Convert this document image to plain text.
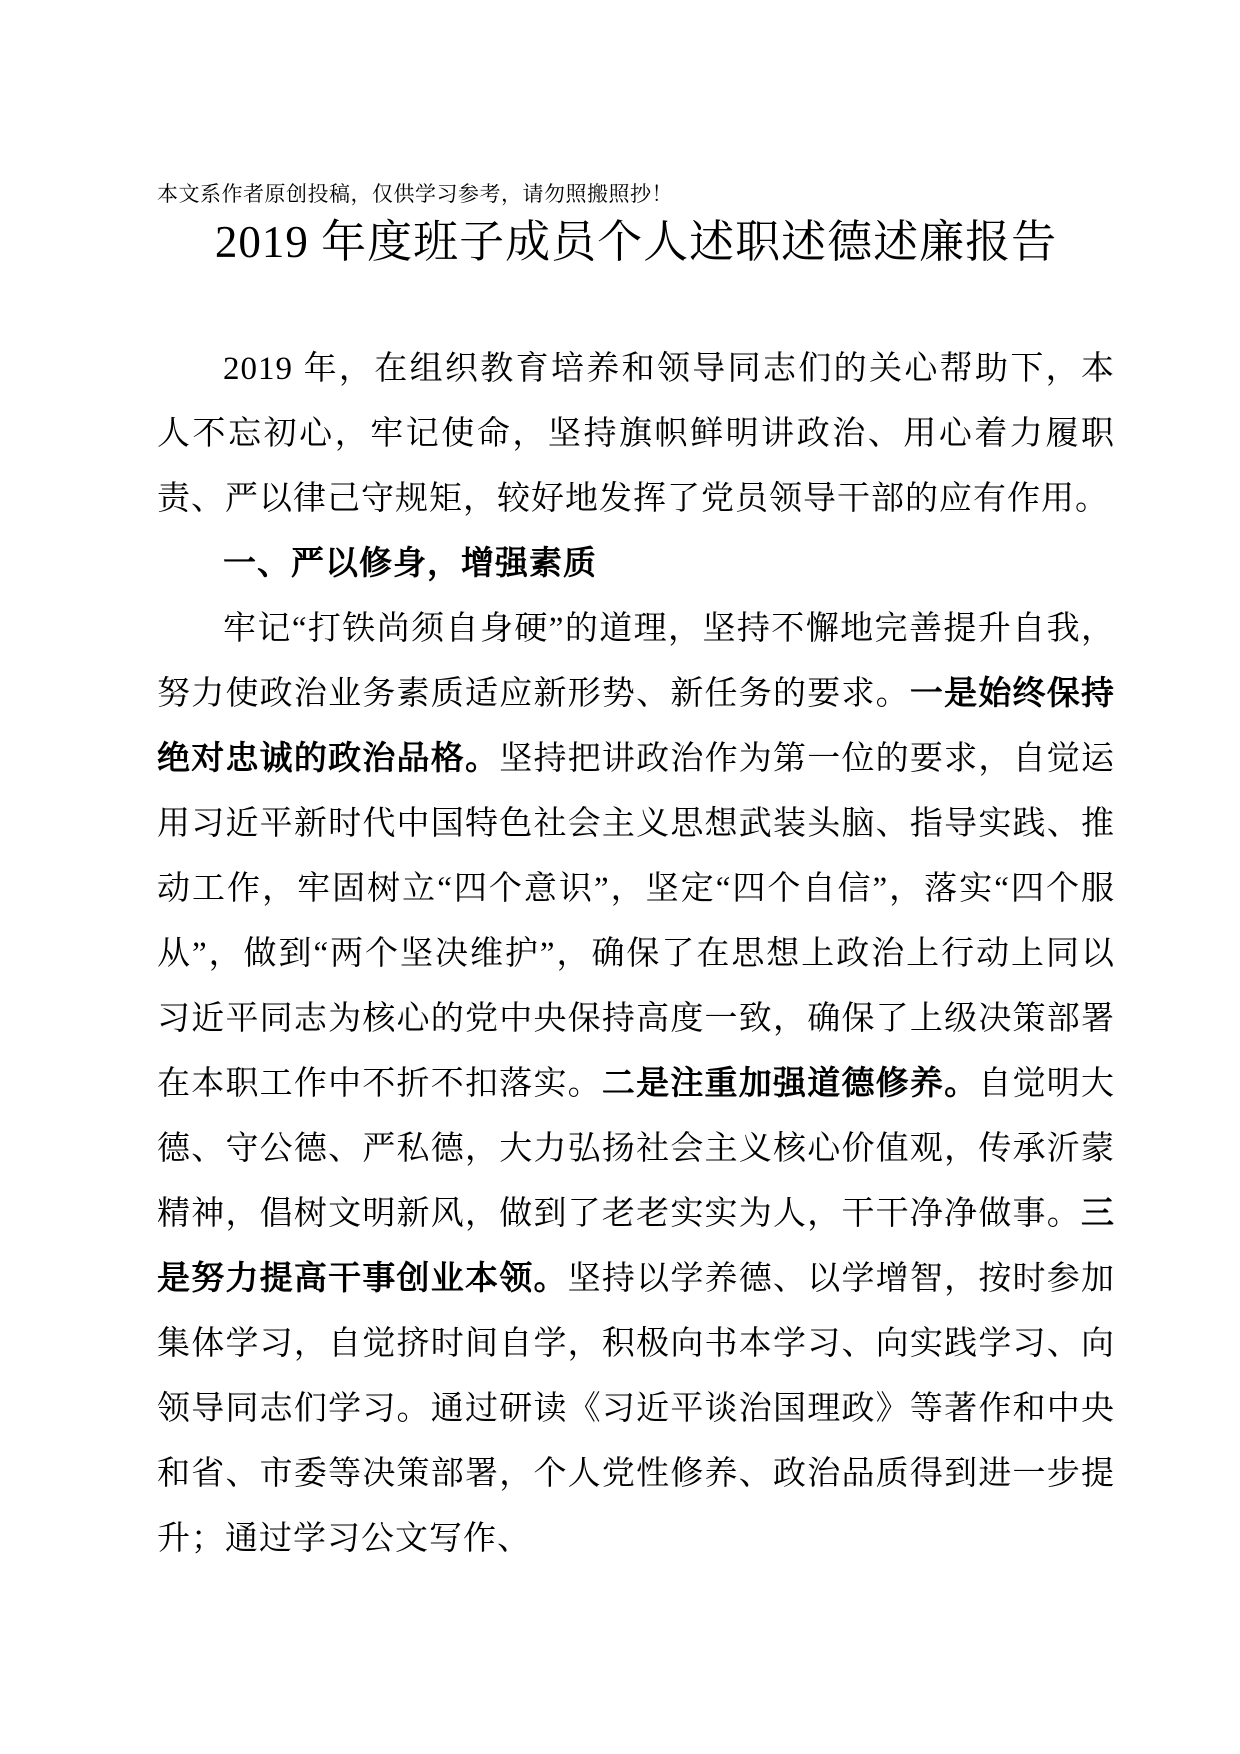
本文系作者原创投稿，仅供学习参考，请勿照搬照抄！
2019 年度班子成员个人述职述德述廉报告

2019 年，在组织教育培养和领导同志们的关心帮助下，本人不忘初心，牢记使命，坚持旗帜鲜明讲政治、用心着力履职责、严以律己守规矩，较好地发挥了党员领导干部的应有作用。

一、严以修身，增强素质

牢记“打铁尚须自身硬”的道理，坚持不懈地完善提升自我，努力使政治业务素质适应新形势、新任务的要求。一是始终保持绝对忠诚的政治品格。坚持把讲政治作为第一位的要求，自觉运用习近平新时代中国特色社会主义思想武装头脑、指导实践、推动工作，牢固树立“四个意识”，坚定“四个自信”，落实“四个服从”，做到“两个坚决维护”，确保了在思想上政治上行动上同以习近平同志为核心的党中央保持高度一致，确保了上级决策部署在本职工作中不折不扣落实。二是注重加强道德修养。自觉明大德、守公德、严私德，大力弘扬社会主义核心价值观，传承沂蒙精神，倡树文明新风，做到了老老实实为人，干干净净做事。三是努力提高干事创业本领。坚持以学养德、以学增智，按时参加集体学习，自觉挤时间自学，积极向书本学习、向实践学习、向领导同志们学习。通过研读《习近平谈治国理政》等著作和中央和省、市委等决策部署，个人党性修养、政治品质得到进一步提升；通过学习公文写作、
